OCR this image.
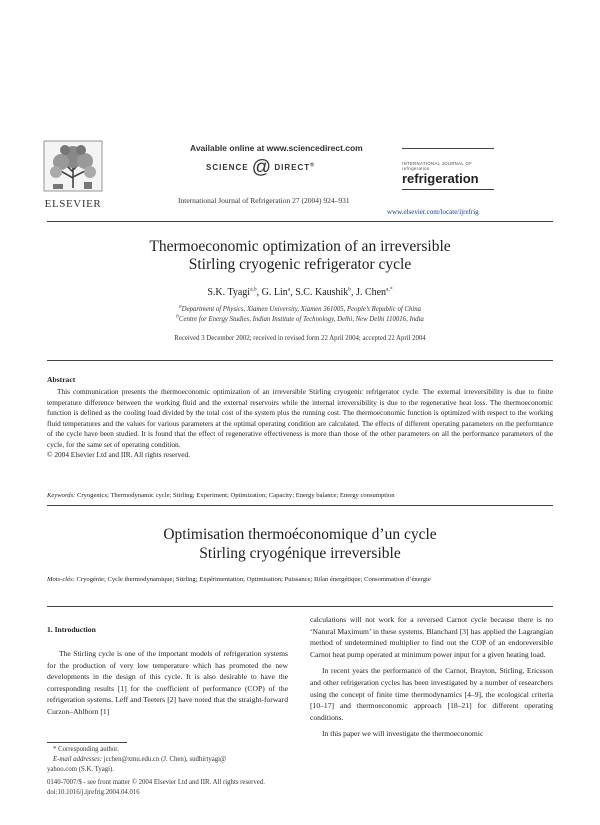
Available online at www.sciencedirect.com
SCIENCE @ DIRECT®
ELSEVIER	International Journal of Refrigeration 27 (2004) 924–931
INTERNATIONAL JOURNAL OF
refrigeration
refrigeration
www.elsevier.com/locate/ijrefrig
Thermoeconomic optimization of an irreversible
Stirling cryogenic refrigerator cycle
S.K. Tyagi$^{a,b}$, G. Lin$^a$, S.C. Kaushik$^b$, J. Chen$^{a,*}$
$^a$Department of Physics, Xiamen University, Xiamen 361005, People’s Republic of China
$^b$Centre for Energy Studies, Indian Institute of Technology, Delhi, New Delhi 110016, India
Received 3 December 2002; received in revised form 22 April 2004; accepted 22 April 2004
Abstract
This communication presents the thermoeconomic optimization of an irreversible Stirling cryogenic refrigerator cycle. The external irreversibility is due to finite temperature difference between the working fluid and the external reservoirs while the internal irreversibility is due to the regenerative heat loss. The thermoeconomic function is defined as the cooling load divided by the total cost of the system plus the running cost. The thermoeconomic function is optimized with respect to the working fluid temperatures and the values for various parameters at the optimal operating condition are calculated. The effects of different operating parameters on the performance of the cycle have been studied. It is found that the effect of regenerative effectiveness is more than those of the other parameters on all the performance parameters of the cycle, for the same set of operating condition.
© 2004 Elsevier Ltd and IIR. All rights reserved.
Keywords: Cryogenics; Thermodynamic cycle; Stirling; Experiment; Optimization; Capacity; Energy balance; Energy consumption
Optimisation thermoéconomique d’un cycle
Stirling cryogénique irreversible
Mots-clés: Cryogénie; Cycle thermodynamique; Stirling; Expérimentation; Optimisation; Puissance; Bilan énergétique; Consommation d’énergie
1. Introduction

The Stirling cycle is one of the important models of refrigeration systems for the production of very low temperature which has promoted the new developments in the design of this cycle. It is also desirable to have the corresponding results [1] for the coefficient of performance (COP) of the refrigeration systems. Leff and Teeters [2] have noted that the straight-forward Curzon–Ahlborn [1]

calculations will not work for a reversed Carnot cycle because there is no ‘Natural Maximum’ in these systems. Blanchard [3] has applied the Lagrangian method of undetermined multiplier to find out the COP of an endoreversible Carnot heat pump operated at minimum power input for a given heating load.

In recent years the performance of the Carnot, Brayton, Stirling, Ericsson and other refrigeration cycles has been investigated by a number of researchers using the concept of finite time thermodynamics [4–9], the ecological criteria [10–17] and thermoeconomic approach [18–21] for different operating conditions.

In this paper we will investigate the thermoeconomic

* Corresponding author.
E-mail addresses: jcchen@xmu.edu.cn (J. Chen), sudhirtyagi@
yahoo.com (S.K. Tyagi).
0140-7007/$ - see front matter © 2004 Elsevier Ltd and IIR. All rights reserved.
doi:10.1016/j.ijrefrig.2004.04.016
